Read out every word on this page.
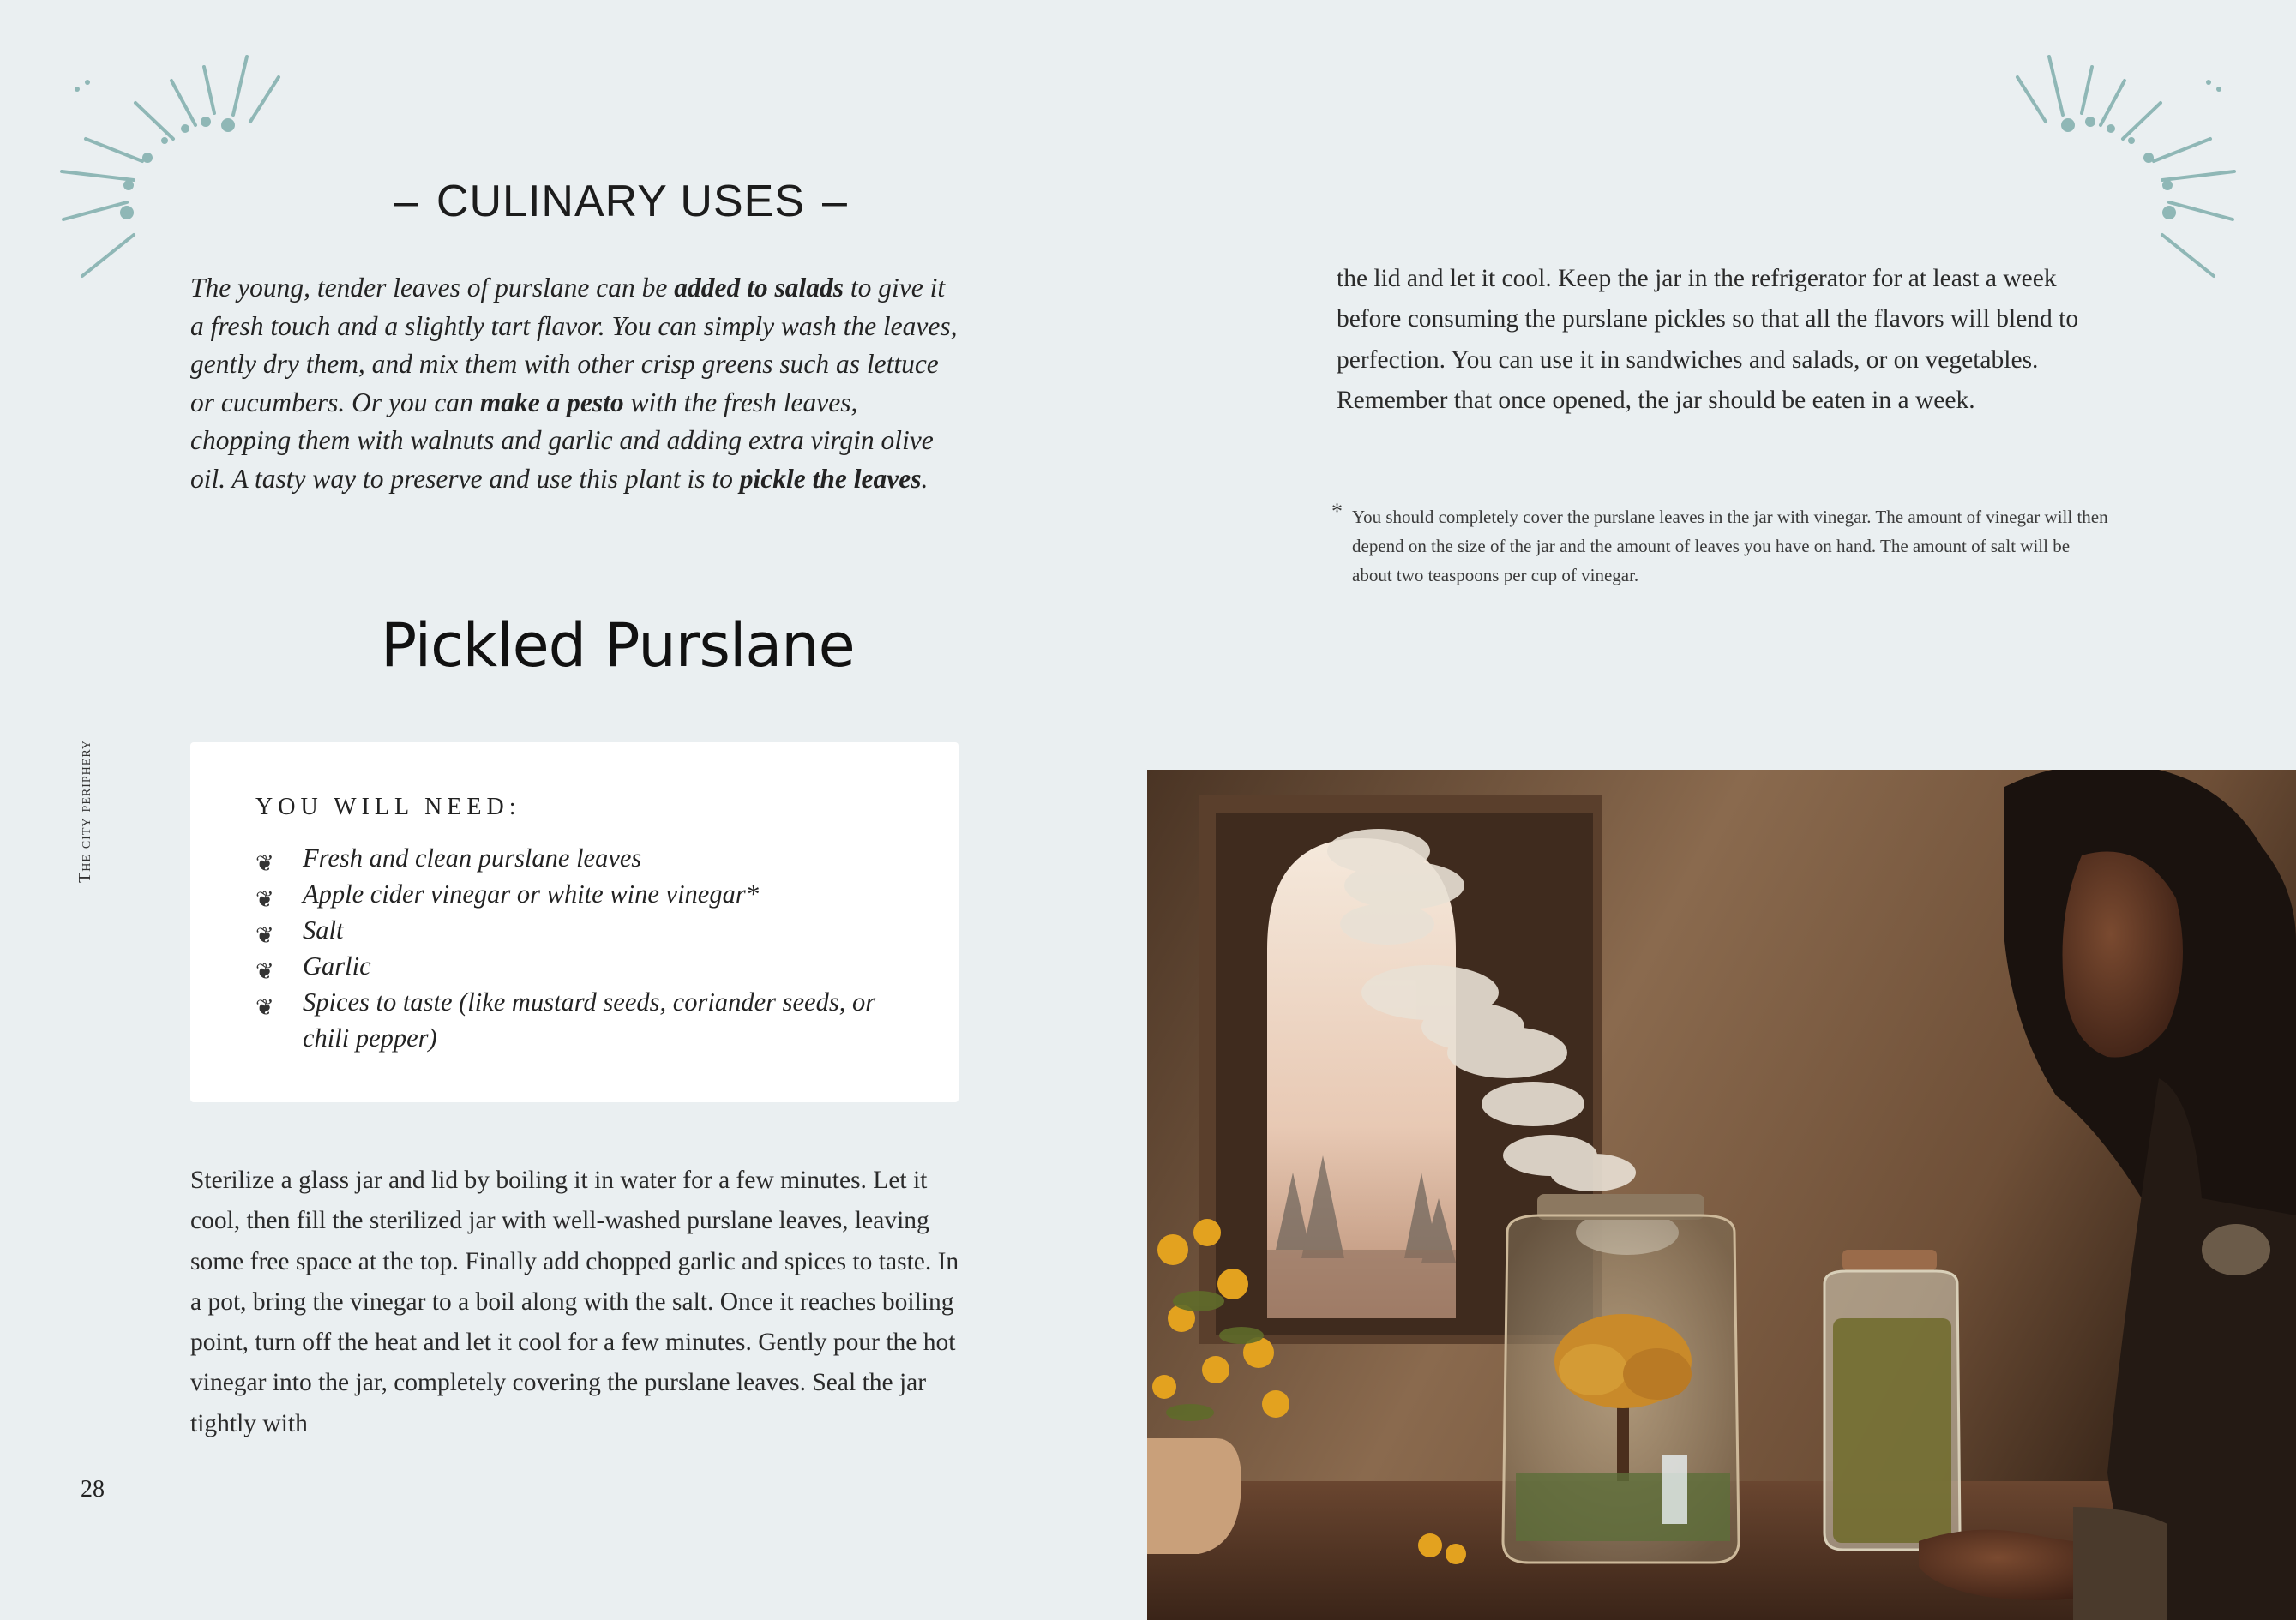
– CULINARY USES –
The young, tender leaves of purslane can be added to salads to give it a fresh touch and a slightly tart flavor. You can simply wash the leaves, gently dry them, and mix them with other crisp greens such as lettuce or cucumbers. Or you can make a pesto with the fresh leaves, chopping them with walnuts and garlic and adding extra virgin olive oil. A tasty way to preserve and use this plant is to pickle the leaves.
Pickled Purslane
YOU WILL NEED:
❦ Fresh and clean purslane leaves
❦ Apple cider vinegar or white wine vinegar*
❦ Salt
❦ Garlic
❦ Spices to taste (like mustard seeds, coriander seeds, or chili pepper)
Sterilize a glass jar and lid by boiling it in water for a few minutes. Let it cool, then fill the sterilized jar with well-washed purslane leaves, leaving some free space at the top. Finally add chopped garlic and spices to taste. In a pot, bring the vinegar to a boil along with the salt. Once it reaches boiling point, turn off the heat and let it cool for a few minutes. Gently pour the hot vinegar into the jar, completely covering the purslane leaves. Seal the jar tightly with
The city periphery
28
the lid and let it cool. Keep the jar in the refrigerator for at least a week before consuming the purslane pickles so that all the flavors will blend to perfection. You can use it in sandwiches and salads, or on vegetables. Remember that once opened, the jar should be eaten in a week.
* You should completely cover the purslane leaves in the jar with vinegar. The amount of vinegar will then depend on the size of the jar and the amount of leaves you have on hand. The amount of salt will be about two teaspoons per cup of vinegar.
